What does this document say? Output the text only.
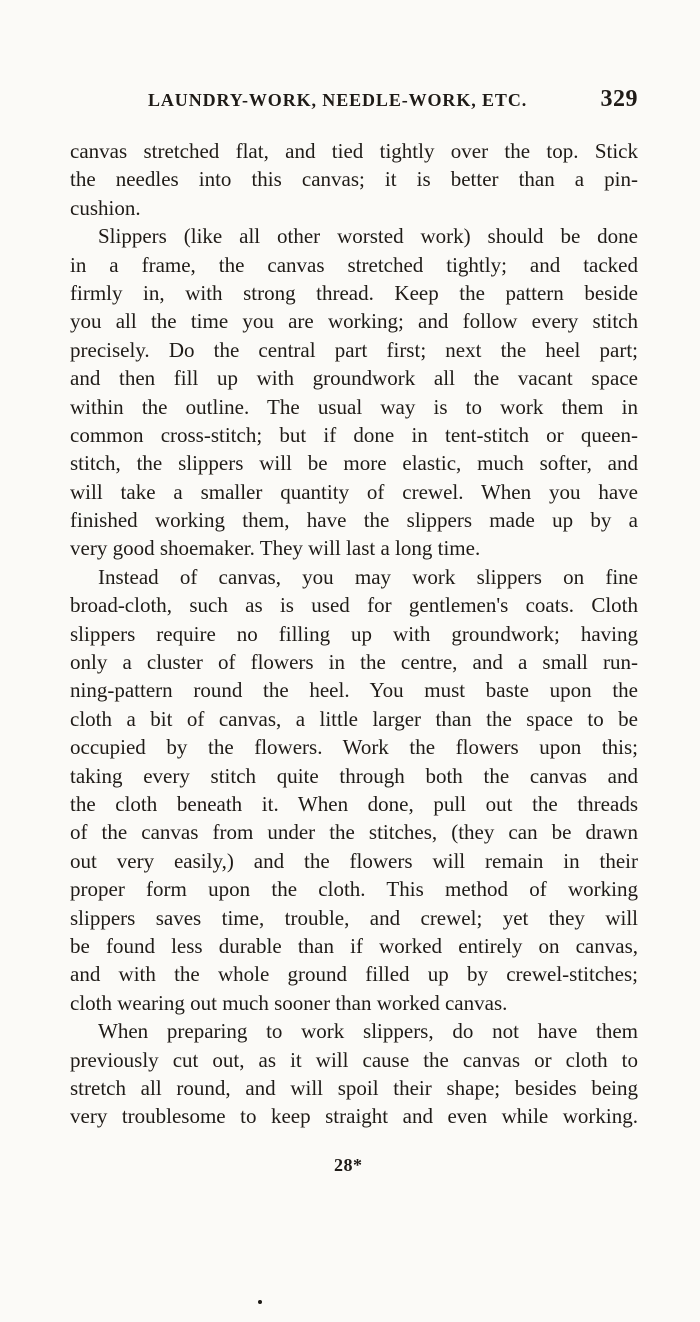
LAUNDRY-WORK, NEEDLE-WORK, ETC.	329
canvas stretched flat, and tied tightly over the top. Stick
the needles into this canvas; it is better than a pin-
cushion.
Slippers (like all other worsted work) should be done
in a frame, the canvas stretched tightly; and tacked
firmly in, with strong thread. Keep the pattern beside
you all the time you are working; and follow every stitch
precisely. Do the central part first; next the heel part;
and then fill up with groundwork all the vacant space
within the outline. The usual way is to work them in
common cross-stitch; but if done in tent-stitch or queen-
stitch, the slippers will be more elastic, much softer, and
will take a smaller quantity of crewel. When you have
finished working them, have the slippers made up by a
very good shoemaker. They will last a long time.
Instead of canvas, you may work slippers on fine
broad-cloth, such as is used for gentlemen's coats. Cloth
slippers require no filling up with groundwork; having
only a cluster of flowers in the centre, and a small run-
ning-pattern round the heel. You must baste upon the
cloth a bit of canvas, a little larger than the space to be
occupied by the flowers. Work the flowers upon this;
taking every stitch quite through both the canvas and
the cloth beneath it. When done, pull out the threads
of the canvas from under the stitches, (they can be drawn
out very easily,) and the flowers will remain in their
proper form upon the cloth. This method of working
slippers saves time, trouble, and crewel; yet they will
be found less durable than if worked entirely on canvas,
and with the whole ground filled up by crewel-stitches;
cloth wearing out much sooner than worked canvas.
When preparing to work slippers, do not have them
previously cut out, as it will cause the canvas or cloth to
stretch all round, and will spoil their shape; besides being
very troublesome to keep straight and even while working.
28*
